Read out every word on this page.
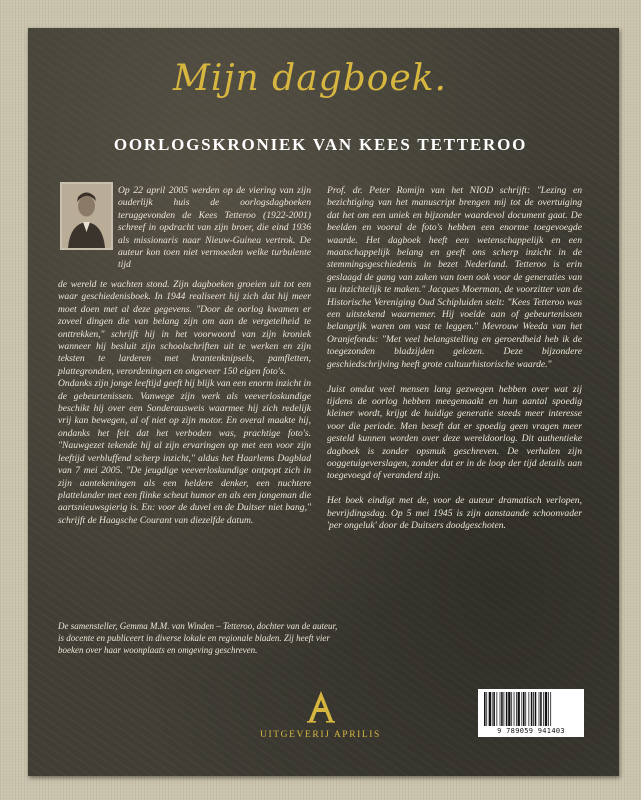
Mijn dagboek.
OORLOGSKRONIEK VAN KEES TETTEROO
Op 22 april 2005 werden op de viering van zijn ouderlijk huis de oorlogsdagboeken teruggevonden de Kees Tetteroo (1922-2001) schreef in opdracht van zijn broer, die eind 1936 als missionaris naar Nieuw-Guinea vertrok. De auteur kon toen niet vermoeden welke turbulente tijd
de wereld te wachten stond. Zijn dagboeken groeien uit tot een waar geschiedenisboek. In 1944 realiseert hij zich dat hij meer moet doen met al deze gegevens. "Door de oorlog kwamen er zoveel dingen die van belang zijn om aan de vergetelheid te onttrekken," schrijft hij in het voorwoord van zijn kroniek wanneer hij besluit zijn schoolschriften uit te werken en zijn teksten te larderen met krantenknipsels, pamfletten, plattegronden, verordeningen en ongeveer 150 eigen foto's.
Ondanks zijn jonge leeftijd geeft hij blijk van een enorm inzicht in de gebeurtenissen. Vanwege zijn werk als veeverloskundige beschikt hij over een Sonderausweis waarmee hij zich redelijk vrij kan bewegen, al of niet op zijn motor. En overal maakte hij, ondanks het feit dat het verboden was, prachtige foto's. "Nauwgezet tekende hij al zijn ervaringen op met een voor zijn leeftijd verbluffend scherp inzicht," aldus het Haarlems Dagblad van 7 mei 2005. "De jeugdige veeverloskundige ontpopt zich in zijn aantekeningen als een heldere denker, een nuchtere plattelander met een flinke scheut humor en als een jongeman die aartsnieuwsgierig is. En: voor de duvel en de Duitser niet bang," schrijft de Haagsche Courant van diezelfde datum.
Prof. dr. Peter Romijn van het NIOD schrijft: "Lezing en bezichtiging van het manuscript brengen mij tot de overtuiging dat het om een uniek en bijzonder waardevol document gaat. De beelden en vooral de foto's hebben een enorme toegevoegde waarde. Het dagboek heeft een wetenschappelijk en een maatschappelijk belang en geeft ons scherp inzicht in de stemmingsgeschiedenis in bezet Nederland. Tetteroo is erin geslaagd de gang van zaken van toen ook voor de generaties van nu inzichtelijk te maken." Jacques Moerman, de voorzitter van de Historische Vereniging Oud Schipluiden stelt: "Kees Tetteroo was een uitstekend waarnemer. Hij voelde aan of gebeurtenissen belangrijk waren om vast te leggen." Mevrouw Weeda van het Oranjefonds: "Met veel belangstelling en geroerdheid heb ik de toegezonden bladzijden gelezen. Deze bijzondere geschiedschrijving heeft grote cultuurhistorische waarde."

Juist omdat veel mensen lang gezwegen hebben over wat zij tijdens de oorlog hebben meegemaakt en hun aantal spoedig kleiner wordt, krijgt de huidige generatie steeds meer interesse voor die periode. Men beseft dat er spoedig geen vragen meer gesteld kunnen worden over deze wereldoorlog. Dit authentieke dagboek is zonder opsmuk geschreven. De verhalen zijn ooggetuigeverslagen, zonder dat er in de loop der tijd details aan toegevoegd of veranderd zijn.

Het boek eindigt met de, voor de auteur dramatisch verlopen, bevrijdingsdag. Op 5 mei 1945 is zijn aanstaande schoonvader 'per ongeluk' door de Duitsers doodgeschoten.
De samensteller, Gemma M.M. van Winden – Tetteroo, dochter van de auteur, is docente en publiceert in diverse lokale en regionale bladen. Zij heeft vier boeken over haar woonplaats en omgeving geschreven.
UITGEVERIJ APRILIS	9 789059 941403
